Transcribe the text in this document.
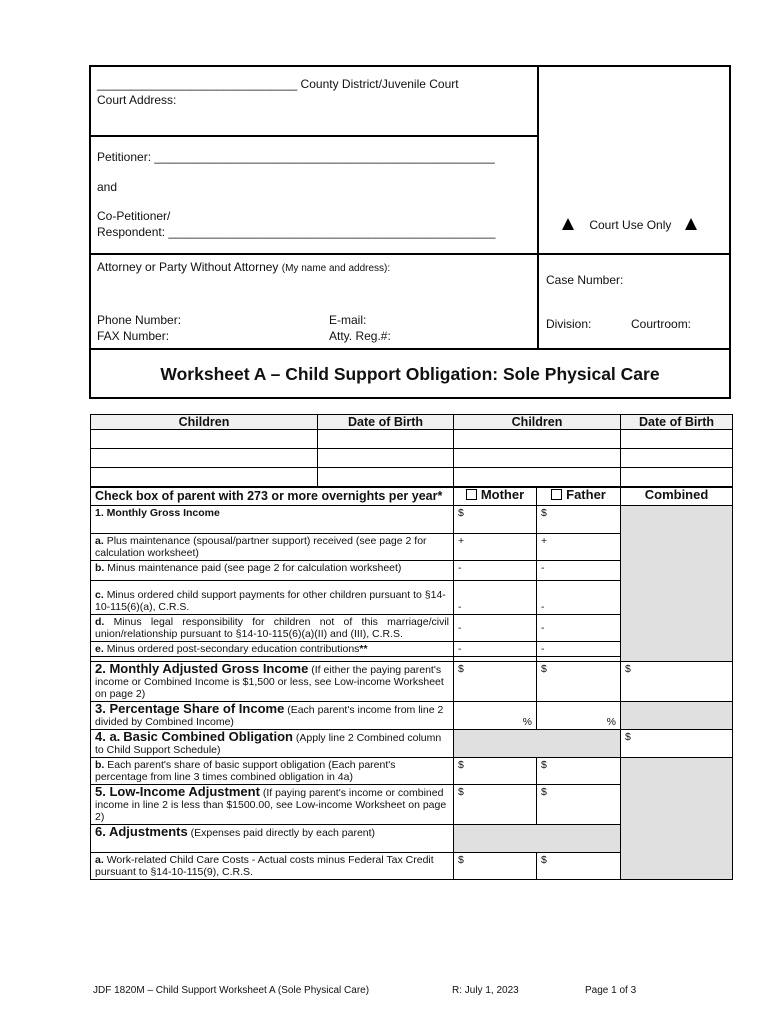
______________________________ County District/Juvenile Court
Court Address:
Petitioner: ___________________________________________________
and
Co-Petitioner/
Respondent: _________________________________________________	Court Use Only
Attorney or Party Without Attorney (My name and address):
Phone Number:
FAX Number:
E-mail:
Atty. Reg.#:
Case Number:
Division:	Courtroom:
Worksheet A – Child Support Obligation: Sole Physical Care
Children	Date of Birth	Children		Date of Birth

Check box of parent with 273 or more overnights per year*		Mother	Father	Combined
1. Monthly Gross Income		$	$	
a. Plus maintenance (spousal/partner support) received (see page 2 for calculation worksheet)		+	+	
b. Minus maintenance paid (see page 2 for calculation worksheet)		-	-	
c. Minus ordered child support payments for other children pursuant to §14-10-115(6)(a), C.R.S.		-	-	
d. Minus legal responsibility for children not of this marriage/civil union/relationship pursuant to §14-10-115(6)(a)(II) and (III), C.R.S.		-	-	
e. Minus ordered post-secondary education contributions**		-	-	

2. Monthly Adjusted Gross Income (If either the paying parent's income or Combined Income is $1,500 or less, see Low-income Worksheet on page 2)		$	$	$
3. Percentage Share of Income (Each parent's income from line 2 divided by Combined Income)		%	%	
4. a. Basic Combined Obligation (Apply line 2 Combined column to Child Support Schedule)				$
b. Each parent's share of basic support obligation (Each parent's percentage from line 3 times combined obligation in 4a)		$	$	
5. Low-Income Adjustment (If paying parent's income or combined income in line 2 is less than $1500.00, see Low-income Worksheet on page 2)		$	$	
6. Adjustments (Expenses paid directly by each parent)				
a. Work-related Child Care Costs - Actual costs minus Federal Tax Credit pursuant to §14-10-115(9), C.R.S.		$	$	
JDF 1820M – Child Support Worksheet A (Sole Physical Care)	R: July 1, 2023	Page 1 of 3
